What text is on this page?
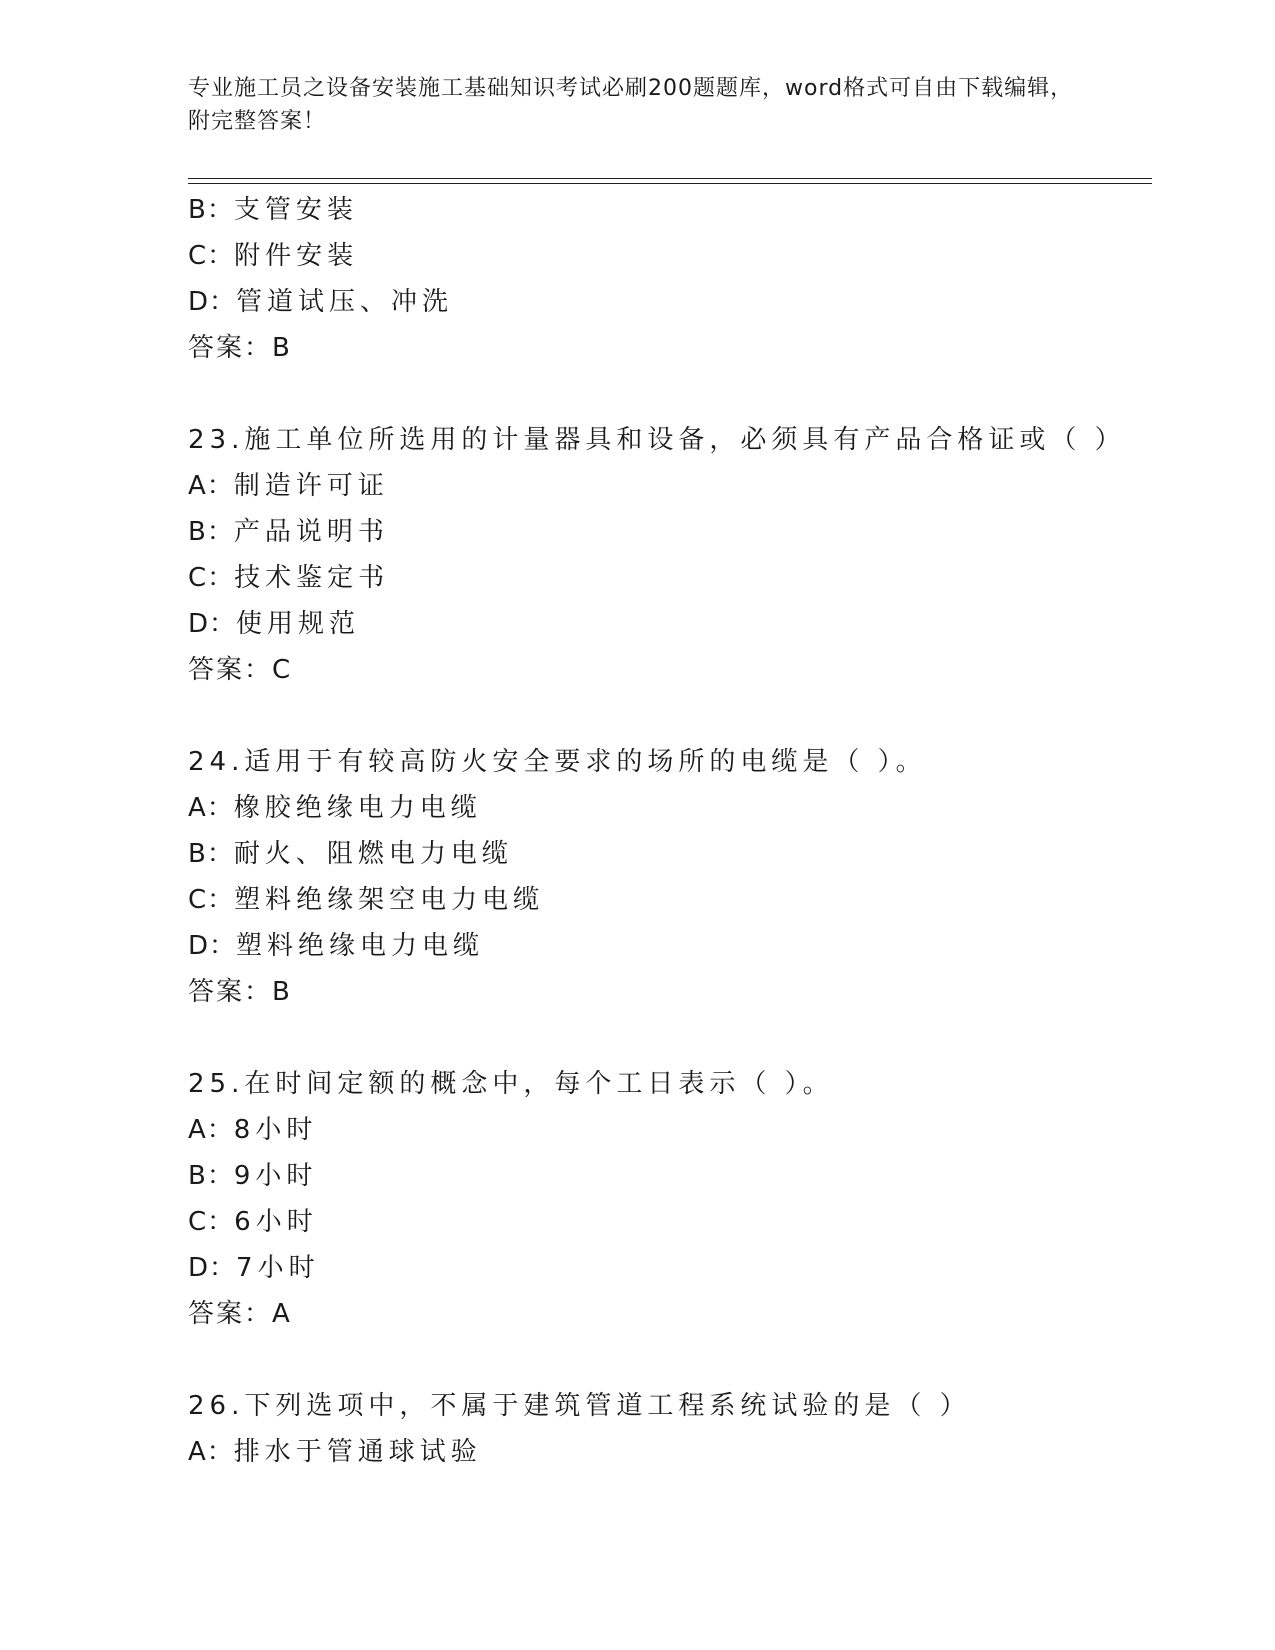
专业施工员之设备安装施工基础知识考试必刷200题题库，word格式可自由下载编辑，附完整答案！
B：支管安装
C：附件安装
D：管道试压、冲洗
答案：B
23.施工单位所选用的计量器具和设备，必须具有产品合格证或（ ）
A：制造许可证
B：产品说明书
C：技术鉴定书
D：使用规范
答案：C
24.适用于有较高防火安全要求的场所的电缆是（ ）。
A：橡胶绝缘电力电缆
B：耐火、阻燃电力电缆
C：塑料绝缘架空电力电缆
D：塑料绝缘电力电缆
答案：B
25.在时间定额的概念中，每个工日表示（ ）。
A：8小时
B：9小时
C：6小时
D：7小时
答案：A
26.下列选项中，不属于建筑管道工程系统试验的是（ ）
A：排水于管通球试验
